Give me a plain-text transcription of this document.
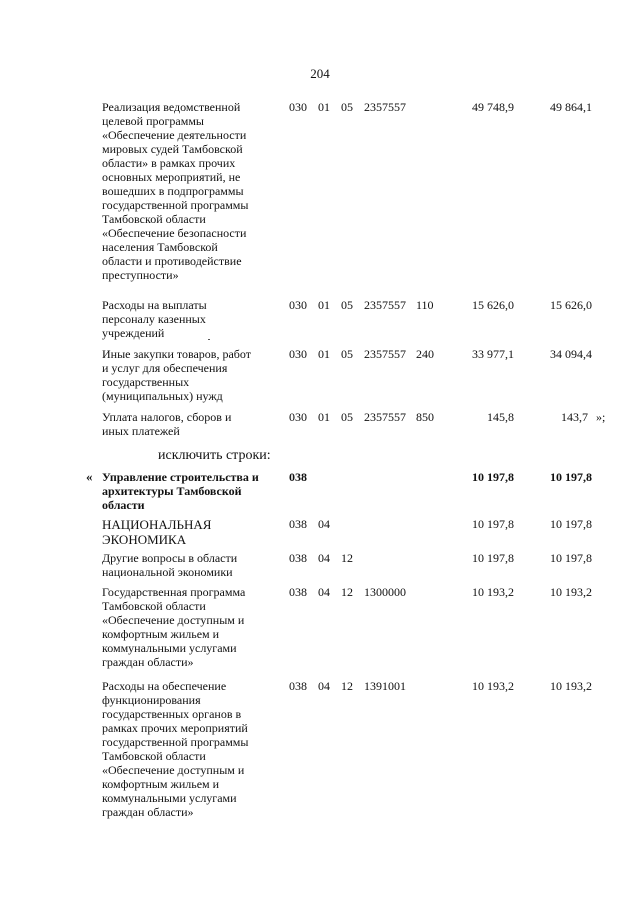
204
Реализация ведомственной
целевой программы
«Обеспечение деятельности
мировых судей Тамбовской
области» в рамках прочих
основных мероприятий, не
вошедших в подпрограммы
государственной программы
Тамбовской области
«Обеспечение безопасности
населения Тамбовской
области и противодействие
преступности»
030 01 05 2357557	49 748,9	49 864,1
Расходы на выплаты
персоналу казенных
учреждений
030 01 05 2357557 110	15 626,0	15 626,0
Иные закупки товаров, работ
и услуг для обеспечения
государственных
(муниципальных) нужд
030 01 05 2357557 240	33 977,1	34 094,4
Уплата налогов, сборов и
иных платежей
030 01 05 2357557 850	145,8	143,7 »;
исключить строки:
« Управление строительства и
архитектуры Тамбовской
области
038	10 197,8	10 197,8
НАЦИОНАЛЬНАЯ
ЭКОНОМИКА
038 04	10 197,8	10 197,8
Другие вопросы в области
национальной экономики
038 04 12	10 197,8	10 197,8
Государственная программа
Тамбовской области
«Обеспечение доступным и
комфортным жильем и
коммунальными услугами
граждан области»
038 04 12 1300000	10 193,2	10 193,2
Расходы на обеспечение
функционирования
государственных органов в
рамках прочих мероприятий
государственной программы
Тамбовской области
«Обеспечение доступным и
комфортным жильем и
коммунальными услугами
граждан области»
038 04 12 1391001	10 193,2	10 193,2
